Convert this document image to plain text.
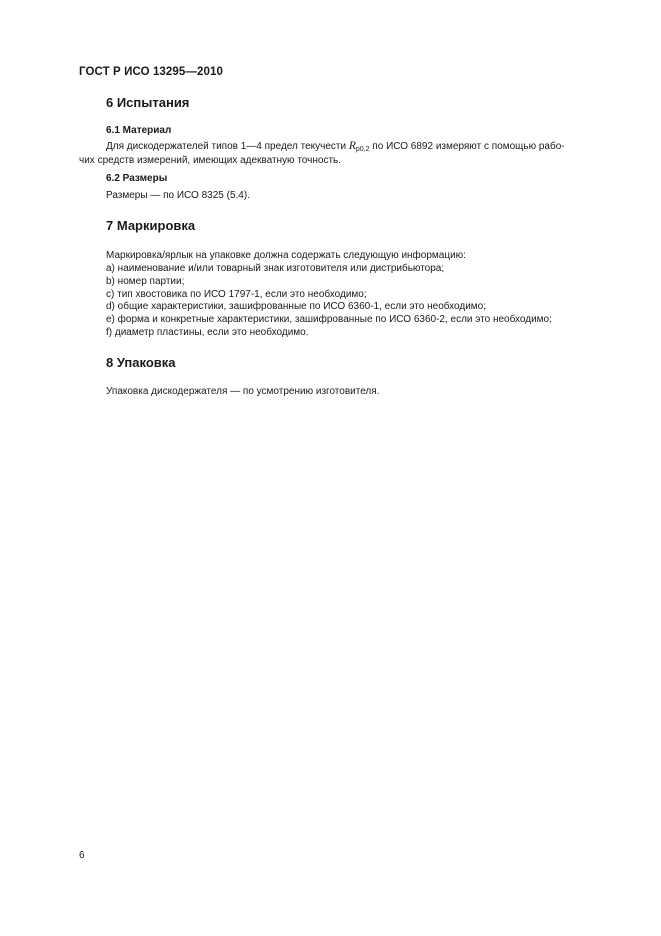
ГОСТ Р ИСО 13295—2010
6 Испытания
6.1 Материал
Для дискодержателей типов 1—4 предел текучести $R_{p0,2}$ по ИСО 6892 измеряют с помощью рабо-
чих средств измерений, имеющих адекватную точность.
6.2 Размеры
Размеры — по ИСО 8325 (5.4).
7 Маркировка
Маркировка/ярлык на упаковке должна содержать следующую информацию:
a) наименование и/или товарный знак изготовителя или дистрибьютора;
b) номер партии;
c) тип хвостовика по ИСО 1797-1, если это необходимо;
d) общие характеристики, зашифрованные по ИСО 6360-1, если это необходимо;
e) форма и конкретные характеристики, зашифрованные по ИСО 6360-2, если это необходимо;
f) диаметр пластины, если это необходимо.
8 Упаковка
Упаковка дискодержателя — по усмотрению изготовителя.
6
